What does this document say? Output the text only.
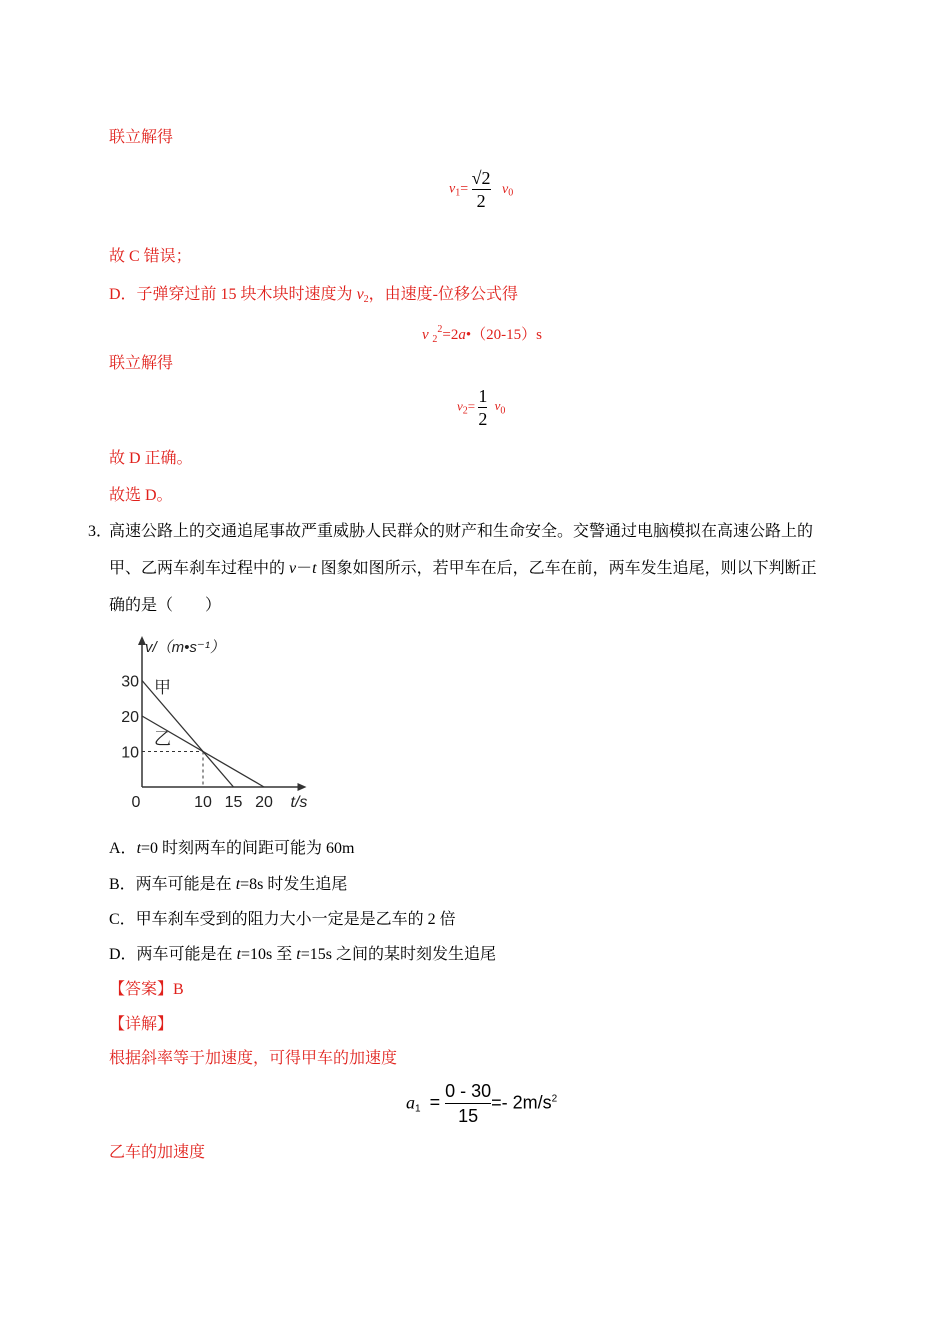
联立解得
$v_1= \frac{√2}{2} v_0$
故 C 错误；
D．子弹穿过前 15 块木块时速度为 $v_2$，由速度-位移公式得
v $_2^2$=2a•（20-15）s
联立解得
$v_2= \frac{1}{2} v_0$
故 D 正确。
故选 D。
3．
高速公路上的交通追尾事故严重威胁人民群众的财产和生命安全。交警通过电脑模拟在高速公路上的
甲、乙两车刹车过程中的 v－t 图象如图所示，若甲车在后，乙车在前，两车发生追尾，则以下判断正
确的是（　　）
甲
乙
10
20
30
0	10 15 20
v/（m•s⁻¹）
t/s
A．t=0 时刻两车的间距可能为 60m
B．两车可能是在 t=8s 时发生追尾
C．甲车刹车受到的阻力大小一定是是乙车的 2 倍
D．两车可能是在 t=10s 至 t=15s 之间的某时刻发生追尾
【答案】B
【详解】
根据斜率等于加速度，可得甲车的加速度
$a_1 = \frac{0 - 30}{15} =- 2m/s^2$
乙车的加速度
